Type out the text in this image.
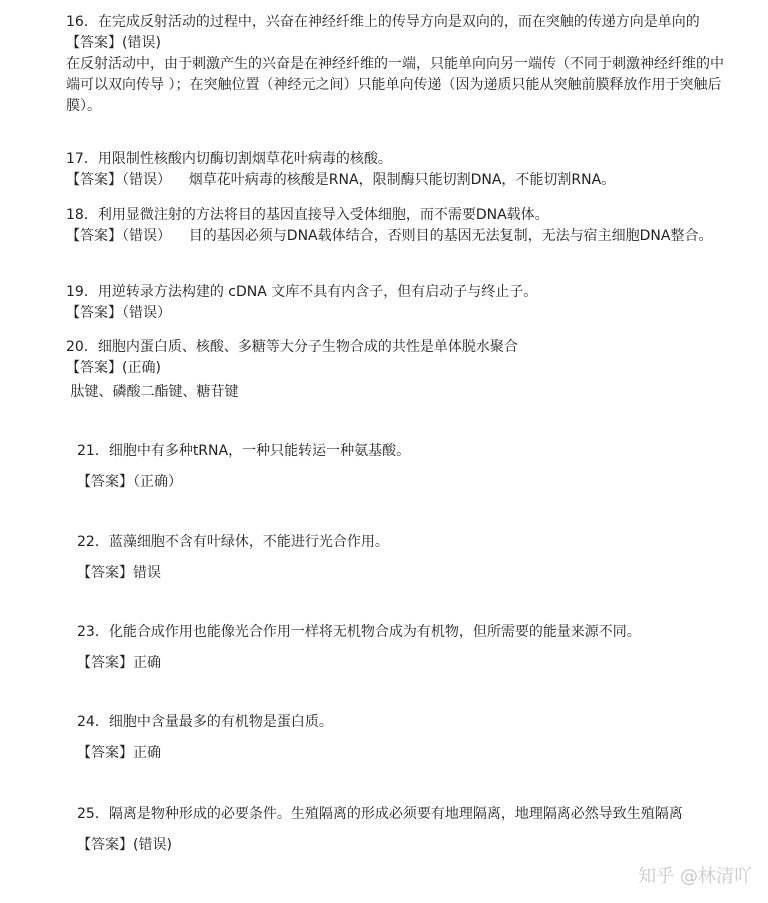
16．在完成反射活动的过程中，兴奋在神经纤维上的传导方向是双向的，而在突触的传递方向是单向的

【答案】(错误)

在反射活动中，由于刺激产生的兴奋是在神经纤维的一端，只能单向向另一端传（不同于刺激神经纤维的中端可以双向传导 ）；在突触位置（神经元之间）只能单向传递（因为递质只能从突触前膜释放作用于突触后膜）。

17．用限制性核酸内切酶切割烟草花叶病毒的核酸。

【答案】（错误）    烟草花叶病毒的核酸是RNA，限制酶只能切割DNA，不能切割RNA。

18．利用显微注射的方法将目的基因直接导入受体细胞，而不需要DNA载体。

【答案】（错误）    目的基因必须与DNA载体结合，否则目的基因无法复制，无法与宿主细胞DNA整合。

19．用逆转录方法构建的 cDNA 文库不具有内含子，但有启动子与终止子。

【答案】（错误）

20．细胞内蛋白质、核酸、多糖等大分子生物合成的共性是单体脱水聚合

【答案】(正确)

肽键、磷酸二酯键、糖苷键

21．细胞中有多种tRNA，一种只能转运一种氨基酸。

【答案】（正确）

22．蓝藻细胞不含有叶绿休，不能进行光合作用。

【答案】错误

23．化能合成作用也能像光合作用一样将无机物合成为有机物，但所需要的能量来源不同。

【答案】正确

24．细胞中含量最多的有机物是蛋白质。

【答案】正确

25．隔离是物种形成的必要条件。生殖隔离的形成必须要有地理隔离，地理隔离必然导致生殖隔离

【答案】(错误)

知乎 @林清吖
